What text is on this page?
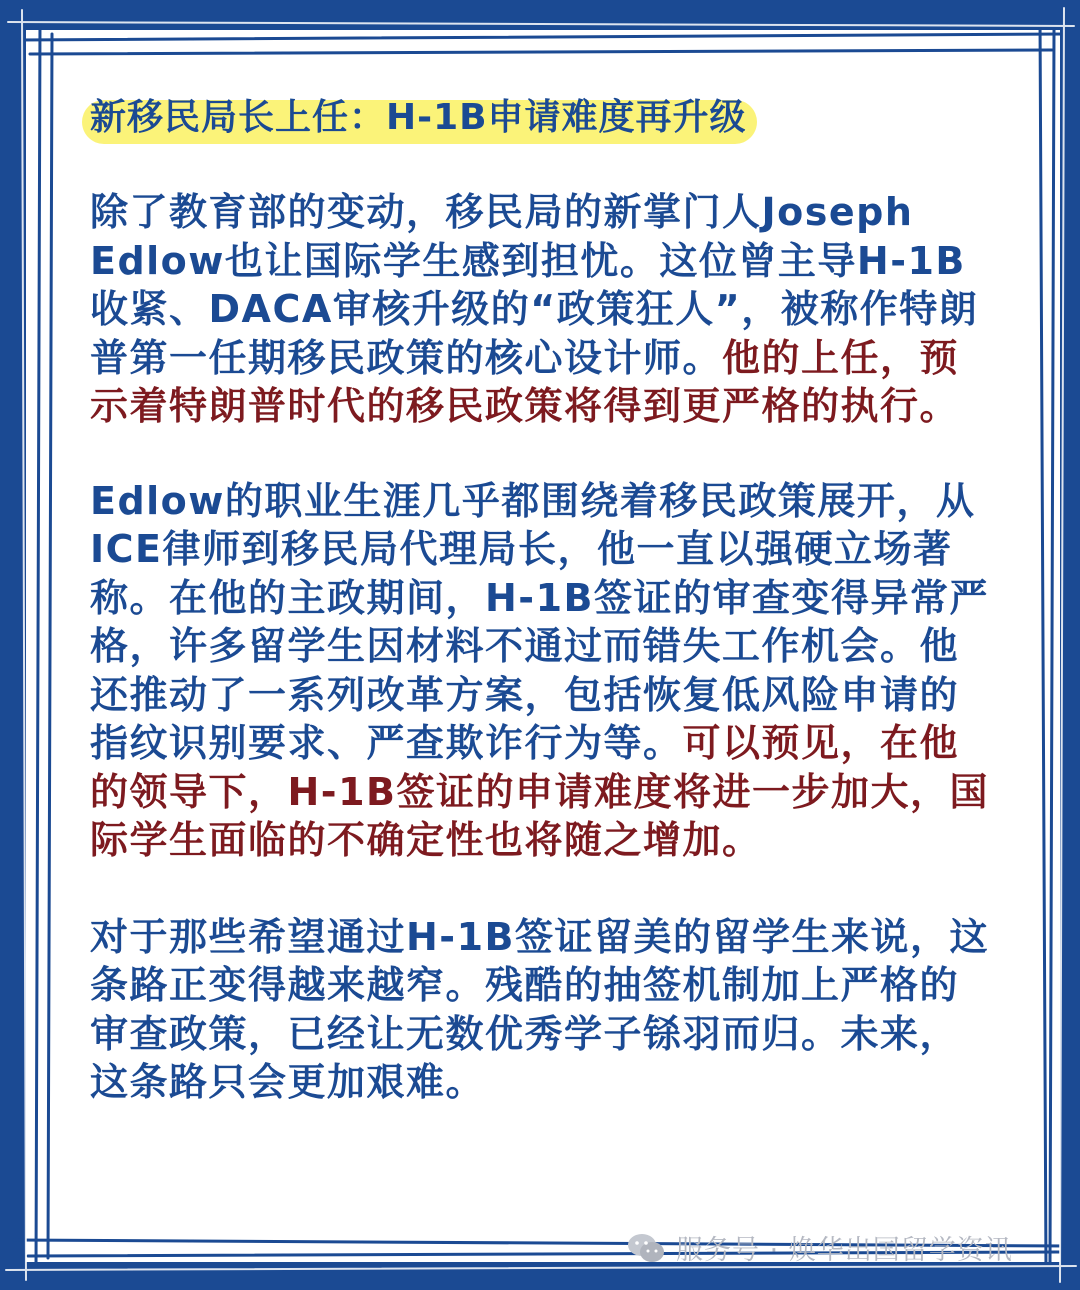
新移民局长上任：H-1B申请难度再升级

除了教育部的变动，移民局的新掌门人Joseph Edlow也让国际学生感到担忧。这位曾主导H-1B收紧、DACA审核升级的“政策狂人”，被称作特朗普第一任期移民政策的核心设计师。他的上任，预示着特朗普时代的移民政策将得到更严格的执行。

Edlow的职业生涯几乎都围绕着移民政策展开，从ICE律师到移民局代理局长，他一直以强硬立场著称。在他的主政期间，H-1B签证的审查变得异常严格，许多留学生因材料不通过而错失工作机会。他还推动了一系列改革方案，包括恢复低风险申请的指纹识别要求、严查欺诈行为等。可以预见，在他的领导下，H-1B签证的申请难度将进一步加大，国际学生面临的不确定性也将随之增加。

对于那些希望通过H-1B签证留美的留学生来说，这条路正变得越来越窄。残酷的抽签机制加上严格的审查政策，已经让无数优秀学子铩羽而归。未来，这条路只会更加艰难。

服务号 · 焕华出国留学资讯
